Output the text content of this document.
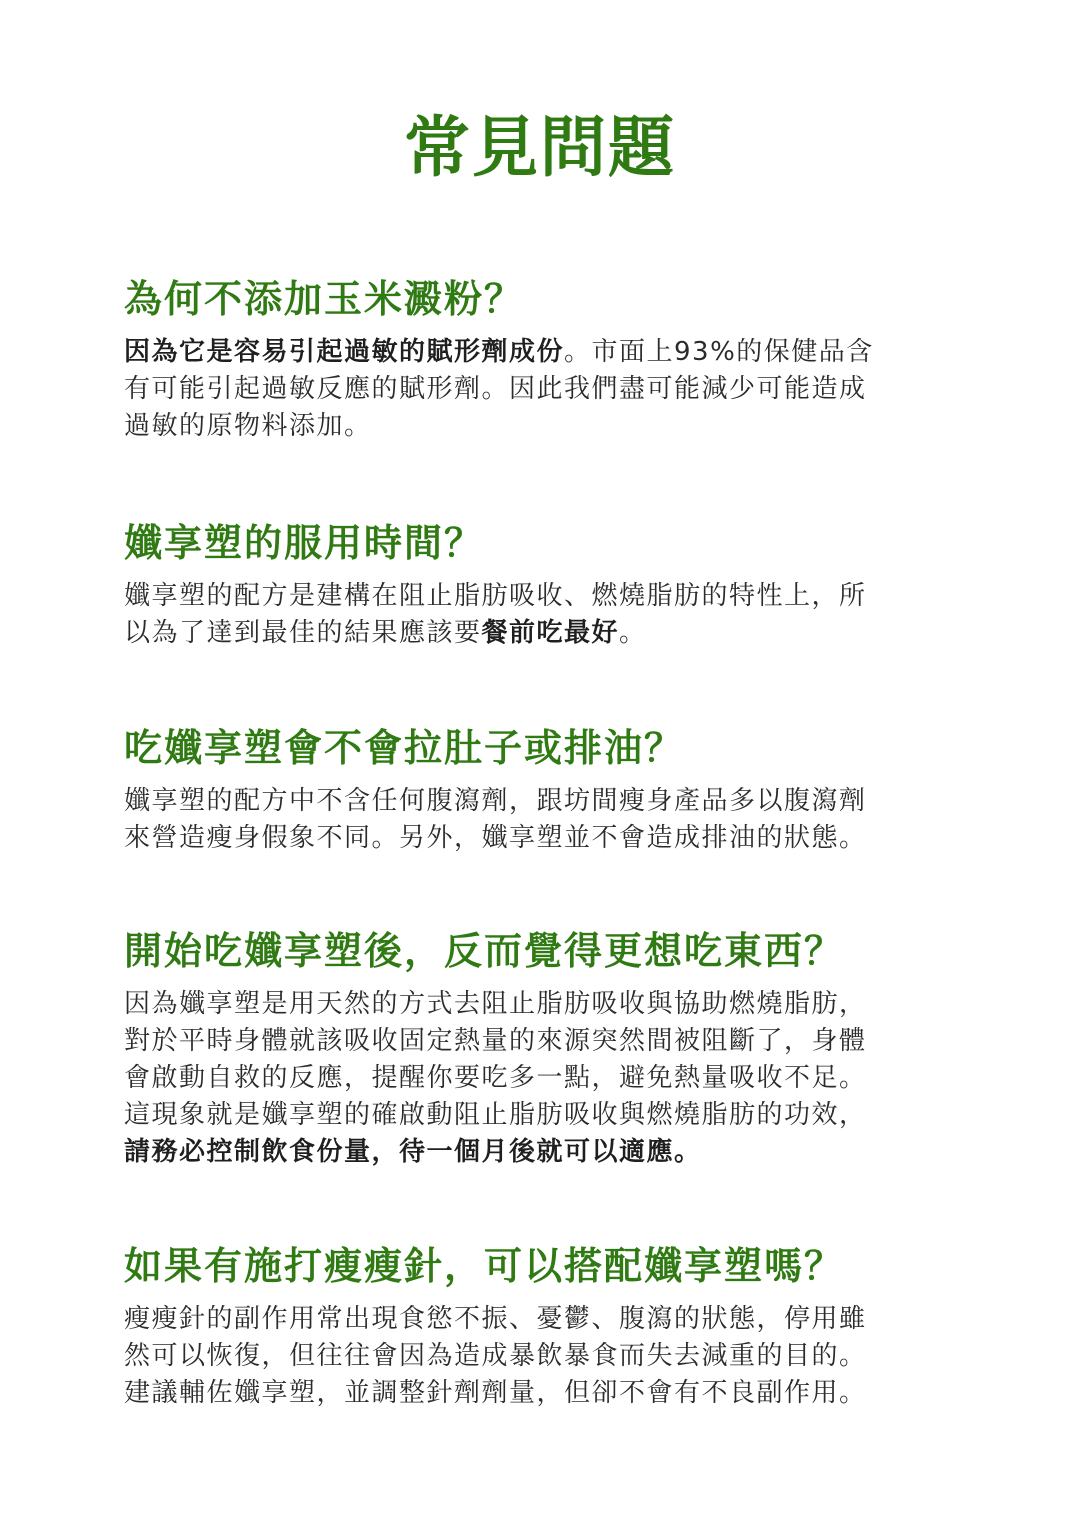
常見問題
為何不添加玉米澱粉？

因為它是容易引起過敏的賦形劑成份。市面上93%的保健品含
有可能引起過敏反應的賦形劑。因此我們盡可能減少可能造成
過敏的原物料添加。

孅享塑的服用時間？

孅享塑的配方是建構在阻止脂肪吸收、燃燒脂肪的特性上，所
以為了達到最佳的結果應該要餐前吃最好。

吃孅享塑會不會拉肚子或排油？

孅享塑的配方中不含任何腹瀉劑，跟坊間瘦身產品多以腹瀉劑
來營造瘦身假象不同。另外，孅享塑並不會造成排油的狀態。

開始吃孅享塑後，反而覺得更想吃東西？

因為孅享塑是用天然的方式去阻止脂肪吸收與協助燃燒脂肪，
對於平時身體就該吸收固定熱量的來源突然間被阻斷了，身體
會啟動自救的反應，提醒你要吃多一點，避免熱量吸收不足。
這現象就是孅享塑的確啟動阻止脂肪吸收與燃燒脂肪的功效，
請務必控制飲食份量，待一個月後就可以適應。

如果有施打瘦瘦針，可以搭配孅享塑嗎？

瘦瘦針的副作用常出現食慾不振、憂鬱、腹瀉的狀態，停用雖
然可以恢復，但往往會因為造成暴飲暴食而失去減重的目的。
建議輔佐孅享塑，並調整針劑劑量，但卻不會有不良副作用。
